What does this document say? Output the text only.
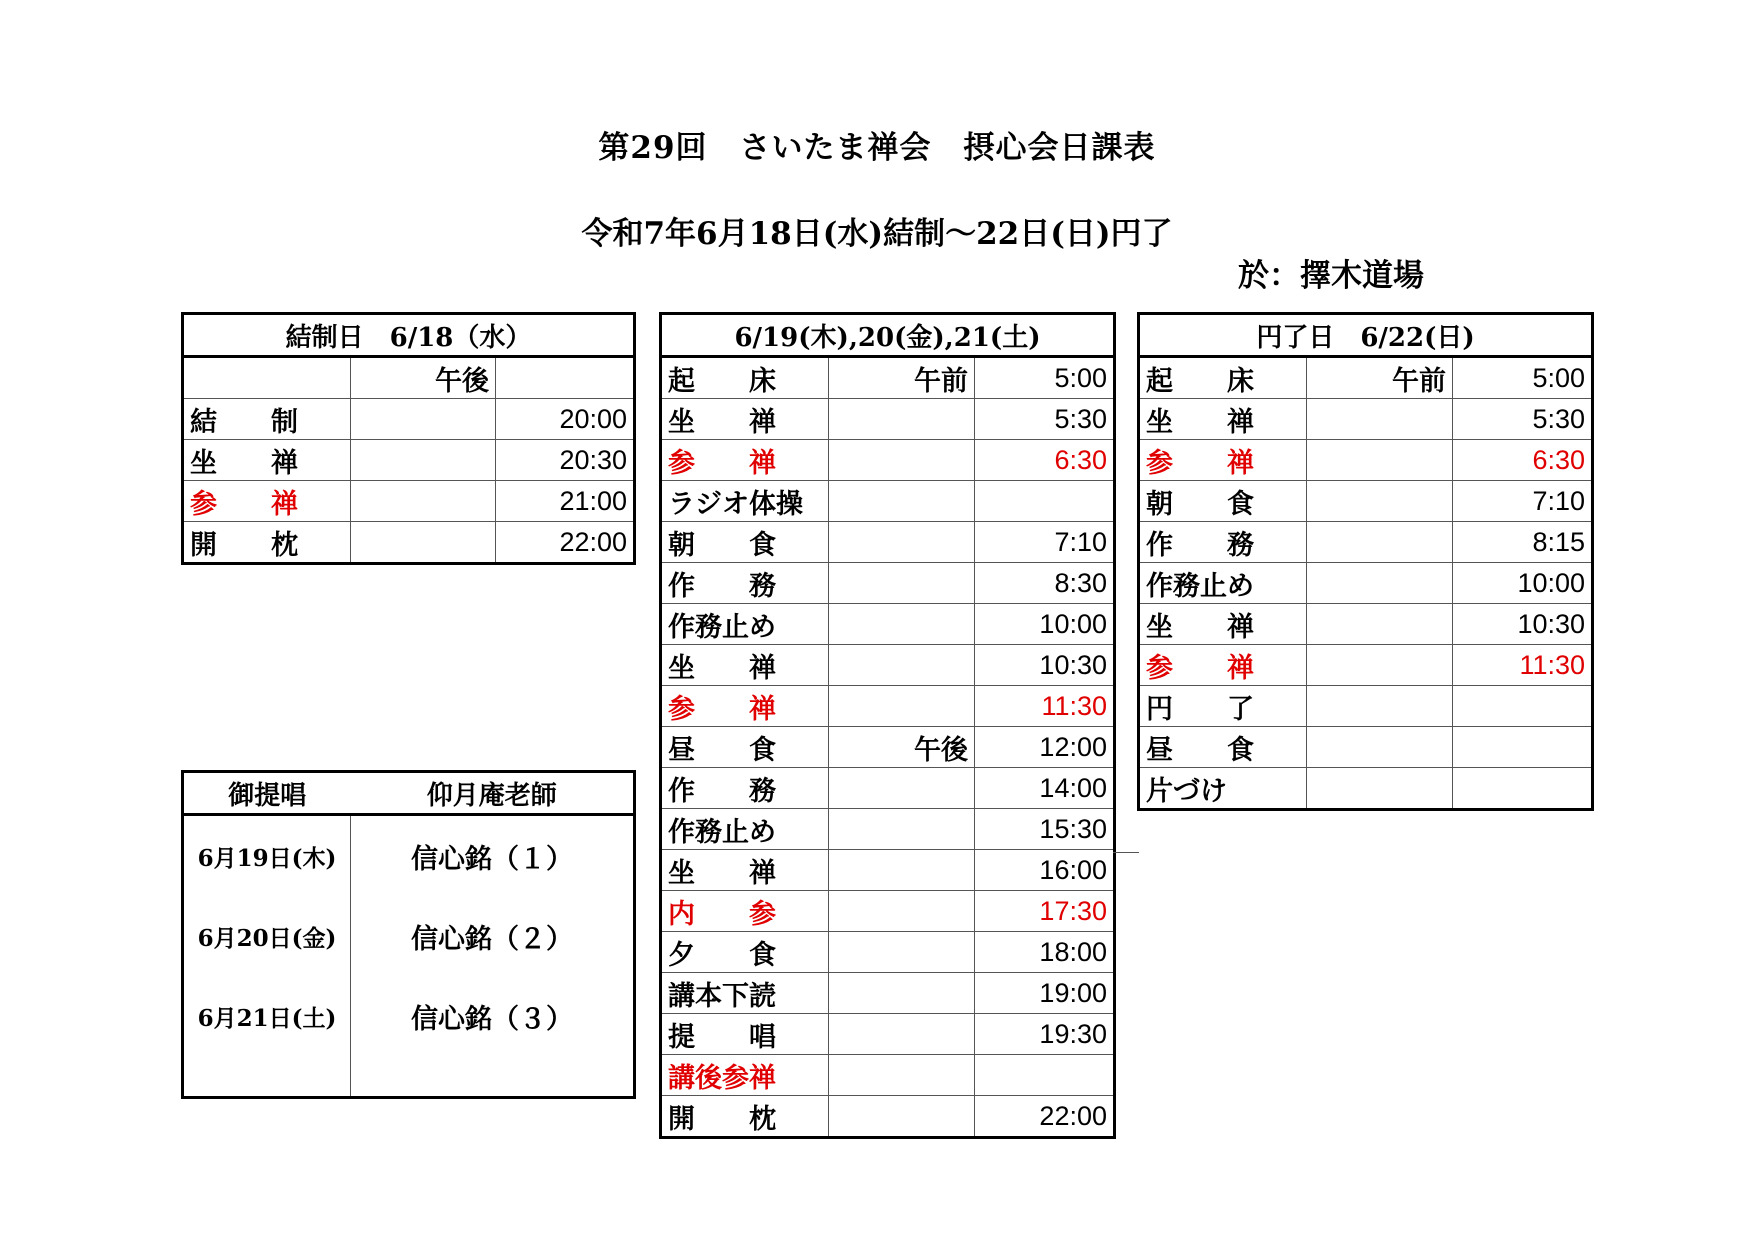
第29回　さいたま禅会　摂心会日課表
令和7年6月18日(水)結制～22日(日)円了
於：擇木道場
結制日　6/18（水）		
	午後	
結　　制		20:00
坐　　禅		20:30
参　　禅		21:00
開　　枕		22:00
6/19(木),20(金),21(土)		
起　　床	午前	5:00
坐　　禅		5:30
参　　禅		6:30
ラジオ体操		
朝　　食		7:10
作　　務		8:30
作務止め		10:00
坐　　禅		10:30
参　　禅		11:30
昼　　食	午後	12:00
作　　務		14:00
作務止め		15:30
坐　　禅		16:00
内　　参		17:30
夕　　食		18:00
講本下読		19:00
提　　唱		19:30
講後参禅		
開　　枕		22:00
円了日　6/22(日)		
起　　床	午前	5:00
坐　　禅		5:30
参　　禅		6:30
朝　　食		7:10
作　　務		8:15
作務止め		10:00
坐　　禅		10:30
参　　禅		11:30
円　　了		
昼　　食		
片づけ		
御提唱	仰月庵老師
6月19日(木)	信心銘（１）
6月20日(金)	信心銘（２）
6月21日(土)	信心銘（３）
